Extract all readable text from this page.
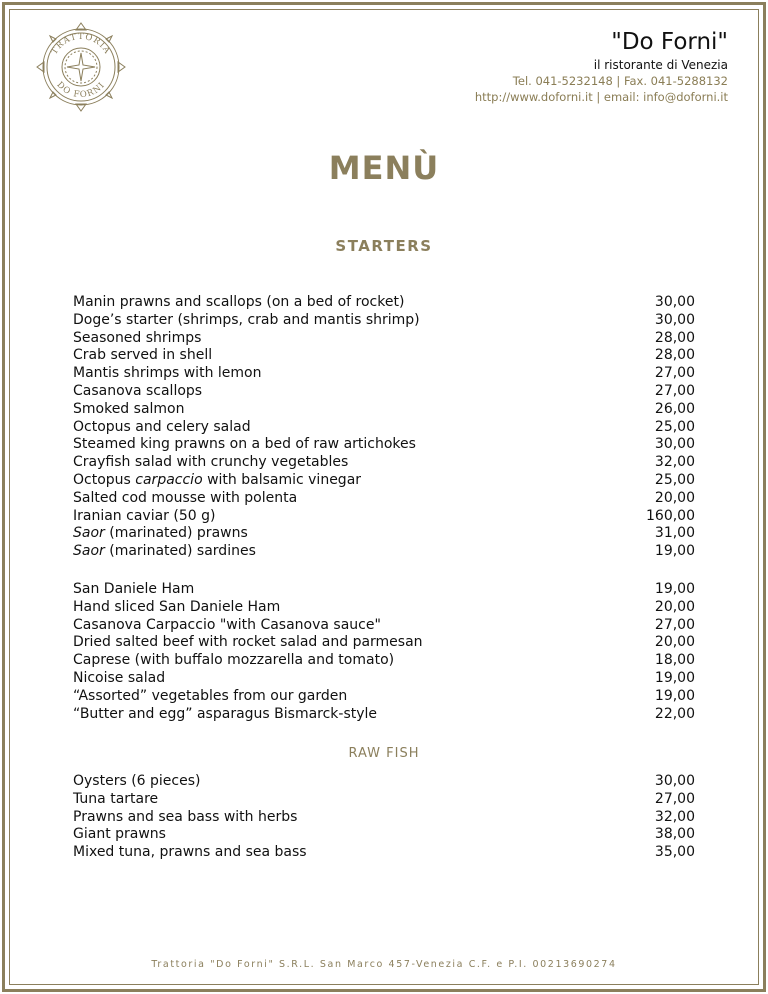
TRATTORIA
DO FORNI
"Do Forni"
il ristorante di Venezia
Tel. 041-5232148 | Fax. 041-5288132
http://www.doforni.it | email: info@doforni.it
MENÙ
STARTERS
Manin prawns and scallops (on a bed of rocket)	30,00
Doge’s starter (shrimps, crab and mantis shrimp)	30,00
Seasoned shrimps	28,00
Crab served in shell	28,00
Mantis shrimps with lemon	27,00
Casanova scallops	27,00
Smoked salmon	26,00
Octopus and celery salad	25,00
Steamed king prawns on a bed of raw artichokes	30,00
Crayfish salad with crunchy vegetables	32,00
Octopus carpaccio with balsamic vinegar	25,00
Salted cod mousse with polenta	20,00
Iranian caviar (50 g)	160,00
Saor (marinated) prawns	31,00
Saor (marinated) sardines	19,00
San Daniele Ham	19,00
Hand sliced San Daniele Ham	20,00
Casanova Carpaccio "with Casanova sauce"	27,00
Dried salted beef with rocket salad and parmesan	20,00
Caprese (with buffalo mozzarella and tomato)	18,00
Nicoise salad	19,00
“Assorted” vegetables from our garden	19,00
“Butter and egg” asparagus Bismarck-style	22,00
RAW FISH
Oysters (6 pieces)	30,00
Tuna tartare	27,00
Prawns and sea bass with herbs	32,00
Giant prawns	38,00
Mixed tuna, prawns and sea bass	35,00
Trattoria "Do Forni" S.R.L. San Marco 457-Venezia C.F. e P.I. 00213690274
